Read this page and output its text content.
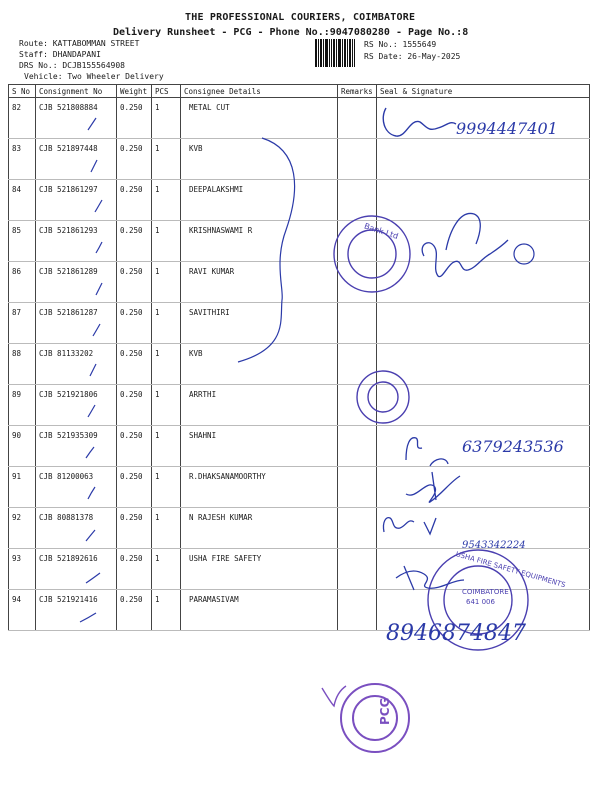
THE PROFESSIONAL COURIERS, COIMBATORE
Delivery Runsheet - PCG - Phone No.:9047080280 - Page No.:8
Route: KATTABOMMAN STREET
Staff: DHANDAPANI
DRS No.: DCJB155564908
Vehicle: Two Wheeler Delivery
RS No.: 1555649
RS Date: 26-May-2025
S No	Consignment No	Weight	PCS	Consignee Details	Remarks	Seal & Signature
82	CJB 521808884	0.250	1	METAL CUT		
83	CJB 521897448	0.250	1	KVB		
84	CJB 521861297	0.250	1	DEEPALAKSHMI		
85	CJB 521861293	0.250	1	KRISHNASWAMI R		
86	CJB 521861289	0.250	1	RAVI KUMAR		
87	CJB 521861287	0.250	1	SAVITHIRI		
88	CJB 81133202	0.250	1	KVB		
89	CJB 521921806	0.250	1	ARRTHI		
90	CJB 521935309	0.250	1	SHAHNI		
91	CJB 81200063	0.250	1	R.DHAKSANAMOORTHY		
92	CJB 80881378	0.250	1	N RAJESH KUMAR		
93	CJB 521892616	0.250	1	USHA FIRE SAFETY		
94	CJB 521921416	0.250	1	PARAMASIVAM		
9994447401
Bank Ltd
6379243536
9543342224
USHA FIRE SAFETY EQUIPMENTS
COIMBATORE
641 006
8946874847
PCG
